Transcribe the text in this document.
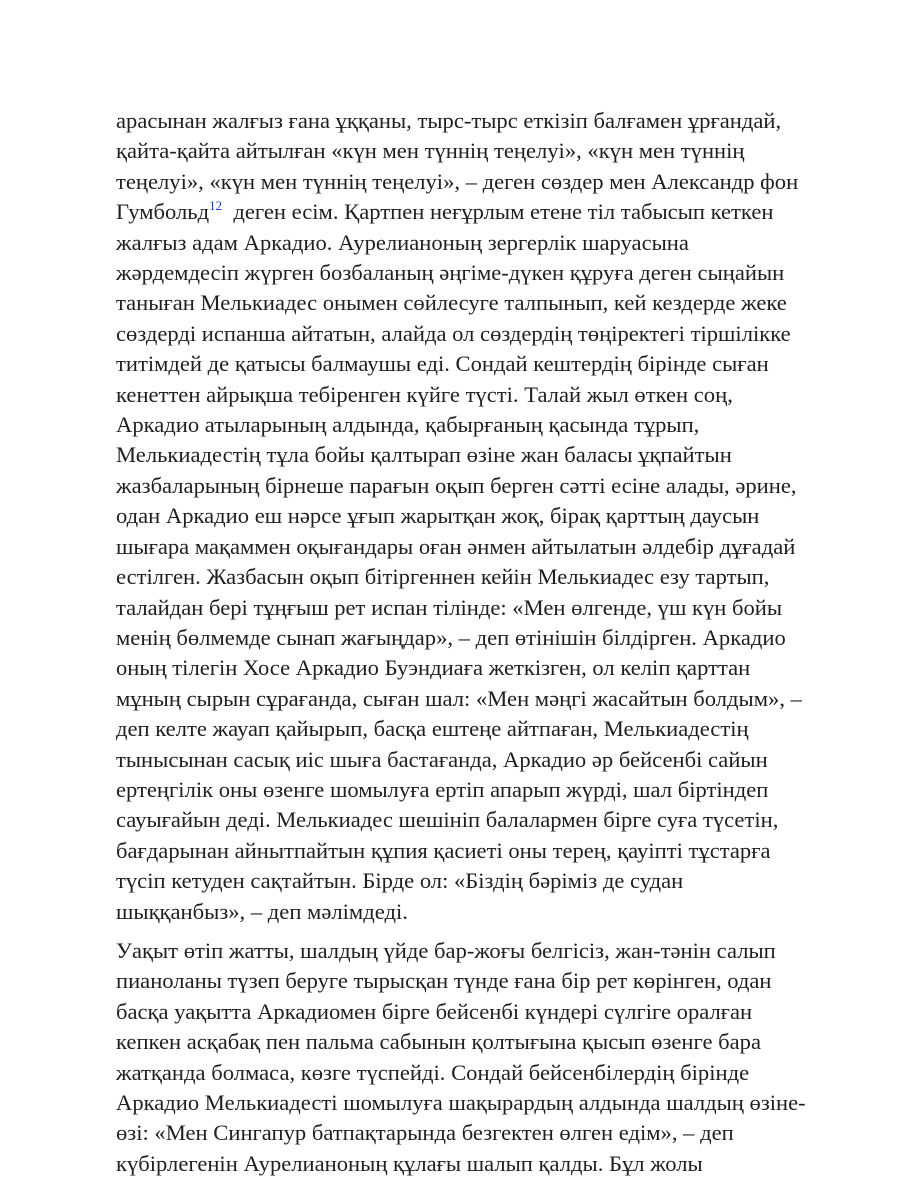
арасынан жалғыз ғана ұққаны, тырс-тырс еткізіп балғамен ұрғандай,
қайта-қайта айтылған «күн мен түннің теңелуі», «күн мен түннің
теңелуі», «күн мен түннің теңелуі», – деген сөздер мен Александр фон
Гумбольд$^{12}$  деген есім. Қартпен неғұрлым етене тіл табысып кеткен
жалғыз адам Аркадио. Аурелианоның зергерлік шаруасына
жәрдемдесіп жүрген бозбаланың әңгіме-дүкен құруға деген сыңайын
таныған Мелькиадес онымен сөйлесуге талпынып, кей кездерде жеке
сөздерді испанша айтатын, алайда ол сөздердің төңіректегі тіршілікке
титімдей де қатысы балмаушы еді. Сондай кештердің бірінде сыған
кенеттен айрықша тебіренген күйге түсті. Талай жыл өткен соң,
Аркадио атыларының алдында, қабырғаның қасында тұрып,
Мелькиадестің тұла бойы қалтырап өзіне жан баласы ұқпайтын
жазбаларының бірнеше парағын оқып берген сәтті есіне алады, әрине,
одан Аркадио еш нәрсе ұғып жарытқан жоқ, бірақ қарттың даусын
шығара мақаммен оқығандары оған әнмен айтылатын әлдебір дұғадай
естілген. Жазбасын оқып бітіргеннен кейін Мелькиадес езу тартып,
талайдан бері тұңғыш рет испан тілінде: «Мен өлгенде, үш күн бойы
менің бөлмемде сынап жағыңдар», – деп өтінішін білдірген. Аркадио
оның тілегін Хосе Аркадио Буэндиаға жеткізген, ол келіп қарттан
мұның сырын сұрағанда, сыған шал: «Мен мәңгі жасайтын болдым», –
деп келте жауап қайырып, басқа ештеңе айтпаған, Мелькиадестің
тынысынан сасық иіс шыға бастағанда, Аркадио әр бейсенбі сайын
ертеңгілік оны өзенге шомылуға ертіп апарып жүрді, шал біртіндеп
сауығайын деді. Мелькиадес шешініп балалармен бірге суға түсетін,
бағдарынан айнытпайтын құпия қасиеті оны терең, қауіпті тұстарға
түсіп кетуден сақтайтын. Бірде ол: «Біздің бәріміз де судан
шыққанбыз», – деп мәлімдеді.

Уақыт өтіп жатты, шалдың үйде бар-жоғы белгісіз, жан-тәнін салып
пианоланы түзеп беруге тырысқан түнде ғана бір рет көрінген, одан
басқа уақытта Аркадиомен бірге бейсенбі күндері сүлгіге оралған
кепкен асқабақ пен пальма сабынын қолтығына қысып өзенге бара
жатқанда болмаса, көзге түспейді. Сондай бейсенбілердің бірінде
Аркадио Мелькиадесті шомылуға шақырардың алдында шалдың өзіне-
өзі: «Мен Сингапур батпақтарында безгектен өлген едім», – деп
күбірлегенін Аурелианоның құлағы шалып қалды. Бұл жолы
